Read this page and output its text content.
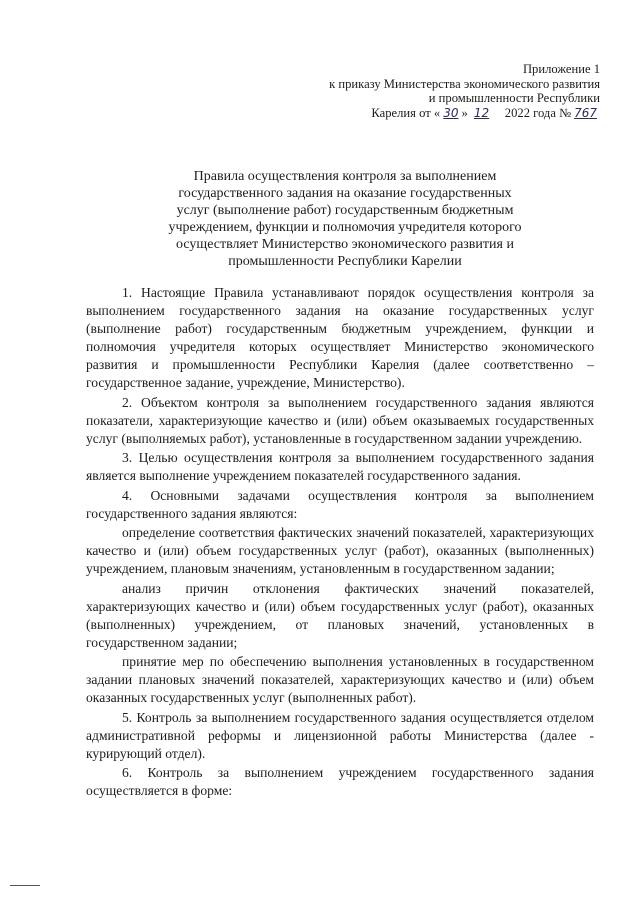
Приложение 1
к приказу Министерства экономического развития
и промышленности Республики
Карелия от « 30 » 12 2022 года № 767
Правила осуществления контроля за выполнением
государственного задания на оказание государственных
услуг (выполнение работ) государственным бюджетным
учреждением, функции и полномочия учредителя которого
осуществляет Министерство экономического развития и
промышленности Республики Карелии

1. Настоящие Правила устанавливают порядок осуществления контроля за выполнением государственного задания на оказание государственных услуг (выполнение работ) государственным бюджетным учреждением, функции и полномочия учредителя которых осуществляет Министерство экономического развития и промышленности Республики Карелия (далее соответственно – государственное задание, учреждение, Министерство).

2. Объектом контроля за выполнением государственного задания являются показатели, характеризующие качество и (или) объем оказываемых государственных услуг (выполняемых работ), установленные в государственном задании учреждению.

3. Целью осуществления контроля за выполнением государственного задания является выполнение учреждением показателей государственного задания.

4. Основными задачами осуществления контроля за выполнением государственного задания являются:

определение соответствия фактических значений показателей, характеризующих качество и (или) объем государственных услуг (работ), оказанных (выполненных) учреждением, плановым значениям, установленным в государственном задании;

анализ причин отклонения фактических значений показателей, характеризующих качество и (или) объем государственных услуг (работ), оказанных (выполненных) учреждением, от плановых значений, установленных в государственном задании;

принятие мер по обеспечению выполнения установленных в государственном задании плановых значений показателей, характеризующих качество и (или) объем оказанных государственных услуг (выполненных работ).

5. Контроль за выполнением государственного задания осуществляется отделом административной реформы и лицензионной работы Министерства (далее - курирующий отдел).

6. Контроль за выполнением учреждением государственного задания осуществляется в форме:
